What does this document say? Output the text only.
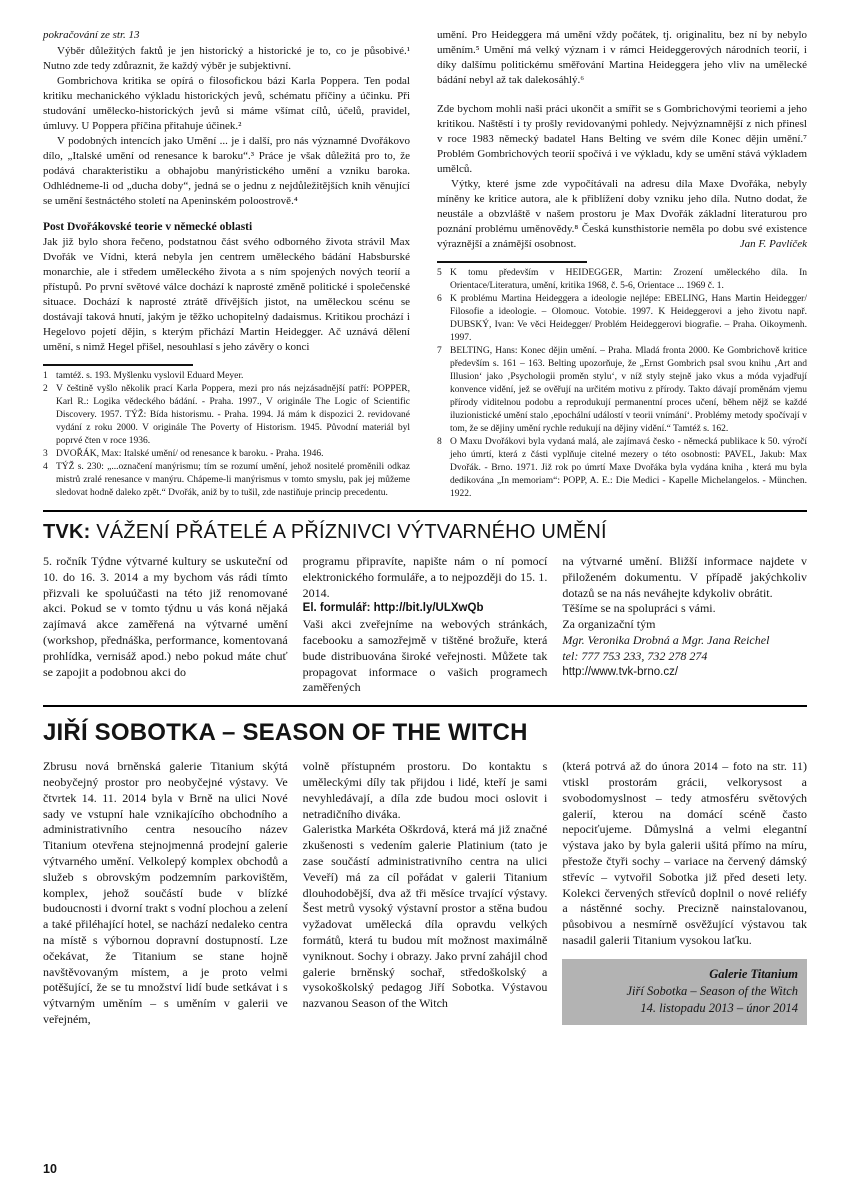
pokračování ze str. 13

Výběr důležitých faktů je jen historický a historické je to, co je působivé.¹ Nutno zde tedy zdůraznit, že každý výběr je subjektivní.

Gombrichova kritika se opírá o filosofickou bázi Karla Poppera. Ten podal kritiku mechanického výkladu historických jevů, schématu příčiny a účinku. Při studování umělecko-historických jevů si máme všímat cílů, účelů, pravidel, úmluvy. U Poppera příčina přitahuje účinek.²

V podobných intencích jako Umění ... je i další, pro nás významné Dvořákovo dílo, „Italské umění od renesance k baroku“.³ Práce je však důležitá pro to, že podává charakteristiku a obhajobu manýristického umění a vzniku baroka. Odhlédneme-li od „ducha doby“, jedná se o jednu z nejdůležitějších knih věnující se umění šestnáctého století na Apeninském poloostrově.⁴

Post Dvořákovské teorie v německé oblasti

Jak již bylo shora řečeno, podstatnou část svého odborného života strávil Max Dvořák ve Vídni, která nebyla jen centrem uměleckého bádání Habsburské monarchie, ale i středem uměleckého života a s ním spojených nových teorií a přístupů. Po první světové válce dochází k naprosté změně politické i společenské situace. Dochází k naprosté ztrátě dřívějších jistot, na uměleckou scénu se dostávají taková hnutí, jakým je těžko uchopitelný dadaismus. Kritikou prochází i Hegelovo pojetí dějin, s kterým přichází Martin Heidegger. Ač uznává dělení umění, s nimž Hegel přišel, nesouhlasí s jeho závěry o konci

1 tamtéž. s. 193. Myšlenku vyslovil Eduard Meyer.
2 V češtině vyšlo několik prací Karla Poppera, mezi pro nás nejzásadnější patří: POPPER, Karl R.: Logika vědeckého bádání. - Praha. 1997., V originále The Logic of Scientific Discovery. 1957. TÝŽ: Bída historismu. - Praha. 1994. Já mám k dispozici 2. revidované vydání z roku 2000. V originále The Poverty of Historism. 1945. Původní materiál byl poprvé čten v roce 1936.
3 DVOŘÁK, Max: Italské umění/ od renesance k baroku. - Praha. 1946.
4 TÝŽ s. 230: „...označení manýrismu; tím se rozumí umění, jehož nositelé proměnili odkaz mistrů zralé renesance v manýru. Chápeme-li manýrismus v tomto smyslu, pak jej můžeme sledovat hodně daleko zpět.“ Dvořák, aniž by to tušil, zde nastiňuje princip precedentu.

umění. Pro Heideggera má umění vždy počátek, tj. originalitu, bez ní by nebylo uměním.⁵ Umění má velký význam i v rámci Heideggerových národních teorií, i díky dalšímu politickému směřování Martina Heideggera jeho vliv na umělecké bádání nebyl až tak dalekosáhlý.⁶

Zde bychom mohli naši práci ukončit a smířit se s Gombrichovými teoriemi a jeho kritikou. Naštěstí i ty prošly revidovanými pohledy. Nejvýznamnější z nich přinesl v roce 1983 německý badatel Hans Belting ve svém díle Konec dějin umění.⁷ Problém Gombrichových teorií spočívá i ve výkladu, kdy se umění stává výkladem umělců.

Výtky, které jsme zde vypočítávali na adresu díla Maxe Dvořáka, nebyly míněny ke kritice autora, ale k přiblížení doby vzniku jeho díla. Nutno dodat, že neustále a obzvláště v našem prostoru je Max Dvořák základní literaturou pro poznání problému uměnovědy.⁸ Česká kunsthistorie neměla po dobu své existence výraznější a známější osobnost.	Jan F. Pavlíček

5 K tomu především v HEIDEGGER, Martin: Zrození uměleckého díla. In Orientace/Literatura, umění, kritika 1968, č. 5-6, Orientace ... 1969 č. 1.
6 K problému Martina Heideggera a ideologie nejlépe: EBELING, Hans Martin Heidegger/ Filosofie a ideologie. – Olomouc. Votobie. 1997. K Heideggerovi a jeho životu např. DUBSKÝ, Ivan: Ve věci Heidegger/ Problém Heideggerovi biografie. – Praha. Oikoymenh. 1997.
7 BELTING, Hans: Konec dějin umění. – Praha. Mladá fronta 2000. Ke Gombrichově kritice především s. 161 – 163. Belting upozorňuje, že „Ernst Gombrich psal svou knihu ‚Art and Illusion‘ jako ‚Psychologii proměn stylu‘, v níž styly stejně jako vkus a móda vyjadřují konvence vidění, jež se ověřují na určitém motivu z přírody. Takto dávají proměnám vjemu přírody viditelnou podobu a reprodukují permanentní proces učení, během nějž se každé iluzionistické umění stalo ‚epochální událostí v teorii vnímání‘. Problémy metody spočívají v tom, že se dějiny umění rychle redukují na dějiny vidění.“ Tamtéž s. 162.
8 O Maxu Dvořákovi byla vydaná malá, ale zajímavá česko - německá publikace k 50. výročí jeho úmrtí, která z části vyplňuje citelné mezery o této osobnosti: PAVEL, Jakub: Max Dvořák. - Brno. 1971. Již rok po úmrtí Maxe Dvořáka byla vydána kniha , která mu byla dedikována „In memoriam“: POPP, A. E.: Die Medici - Kapelle Michelangelos. - München. 1922.
TVK: VÁŽENÍ PŘÁTELÉ A PŘÍZNIVCI VÝTVARNÉHO UMĚNÍ

5. ročník Týdne výtvarné kultury se uskuteční od 10. do 16. 3. 2014 a my bychom vás rádi tímto přizvali ke spoluúčasti na této již renomované akci. Pokud se v tomto týdnu u vás koná nějaká zajímavá akce zaměřená na výtvarné umění (workshop, přednáška, performance, komentovaná prohlídka, vernisáž apod.) nebo pokud máte chuť se zapojit a podobnou akci do

programu připravíte, napište nám o ní pomocí elektronického formuláře, a to nejpozději do 15. 1. 2014.

El. formulář: http://bit.ly/ULXwQb

Vaši akci zveřejníme na webových stránkách, facebooku a samozřejmě v tištěné brožuře, která bude distribuována široké veřejnosti. Můžete tak propagovat informace o vašich programech zaměřených

na výtvarné umění. Bližší informace najdete v přiloženém dokumentu. V případě jakýchkoliv dotazů se na nás neváhejte kdykoliv obrátit.

Těšíme se na spolupráci s vámi.

Za organizační tým

Mgr. Veronika Drobná a Mgr. Jana Reichel

tel: 777 753 233, 732 278 274

http://www.tvk-brno.cz/

JIŘÍ SOBOTKA – SEASON OF THE WITCH

Zbrusu nová brněnská galerie Titanium skýtá neobyčejný prostor pro neobyčejné výstavy. Ve čtvrtek 14. 11. 2014 byla v Brně na ulici Nové sady ve vstupní hale vznikajícího obchodního a administrativního centra nesoucího název Titanium otevřena stejnojmenná prodejní galerie výtvarného umění. Velkolepý komplex obchodů a služeb s obrovským podzemním parkovištěm, komplex, jehož součástí bude v blízké budoucnosti i dvorní trakt s vodní plochou a zelení a také přiléhající hotel, se nachází nedaleko centra na místě s výbornou dopravní dostupností. Lze očekávat, že Titanium se stane hojně navštěvovaným místem, a je proto velmi potěšující, že se tu množství lidí bude setkávat i s výtvarným uměním – s uměním v galerii ve veřejném,

volně přístupném prostoru. Do kontaktu s uměleckými díly tak přijdou i lidé, kteří je sami nevyhledávají, a díla zde budou moci oslovit i netradičního diváka.

Galeristka Markéta Oškrdová, která má již značné zkušenosti s vedením galerie Platinium (tato je zase součástí administrativního centra na ulici Veveří) má za cíl pořádat v galerii Titanium dlouhodobější, dva až tři měsíce trvající výstavy. Šest metrů vysoký výstavní prostor a stěna budou vyžadovat umělecká díla opravdu velkých formátů, která tu budou mít možnost maximálně vyniknout. Sochy i obrazy. Jako první zahájil chod galerie brněnský sochař, středoškolský a vysokoškolský pedagog Jiří Sobotka. Výstavou nazvanou Season of the Witch

(která potrvá až do února 2014 – foto na str. 11) vtiskl prostorám grácii, velkorysost a svobodomyslnost – tedy atmosféru světových galerií, kterou na domácí scéně často nepociťujeme. Důmyslná a velmi elegantní výstava jako by byla galerii ušitá přímo na míru, přestože čtyři sochy – variace na červený dámský střevíc – vytvořil Sobotka již před deseti lety. Kolekci červených střevíců doplnil o nové reliéfy a nástěnné sochy. Precizně nainstalovanou, působivou a nesmírně osvěžující výstavou tak nasadil galerii Titanium vysokou laťku.

Galerie Titanium
Jiří Sobotka – Season of the Witch
14. listopadu 2013 – únor 2014
10
